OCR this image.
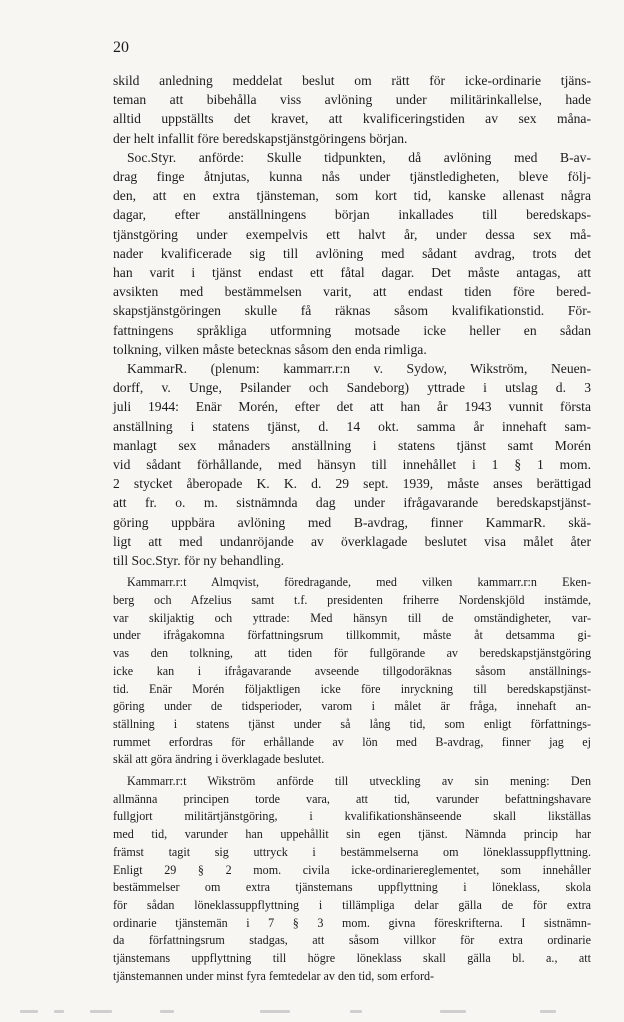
20

skild anledning meddelat beslut om rätt för icke-ordinarie tjäns-
teman att bibehålla viss avlöning under militärinkallelse, hade
alltid uppställts det kravet, att kvalificeringstiden av sex måna-
der helt infallit före beredskapstjänstgöringens början.

Soc.Styr. anförde: Skulle tidpunkten, då avlöning med B-av-
drag finge åtnjutas, kunna nås under tjänstledigheten, bleve följ-
den, att en extra tjänsteman, som kort tid, kanske allenast några
dagar, efter anställningens början inkallades till beredskaps-
tjänstgöring under exempelvis ett halvt år, under dessa sex må-
nader kvalificerade sig till avlöning med sådant avdrag, trots det
han varit i tjänst endast ett fåtal dagar. Det måste antagas, att
avsikten med bestämmelsen varit, att endast tiden före bered-
skapstjänstgöringen skulle få räknas såsom kvalifikationstid. För-
fattningens språkliga utformning motsade icke heller en sådan
tolkning, vilken måste betecknas såsom den enda rimliga.

KammarR. (plenum: kammarr.r:n v. Sydow, Wikström, Neuen-
dorff, v. Unge, Psilander och Sandeborg) yttrade i utslag d. 3
juli 1944: Enär Morén, efter det att han år 1943 vunnit första
anställning i statens tjänst, d. 14 okt. samma år innehaft sam-
manlagt sex månaders anställning i statens tjänst samt Morén
vid sådant förhållande, med hänsyn till innehållet i 1 § 1 mom.
2 stycket åberopade K. K. d. 29 sept. 1939, måste anses berättigad
att fr. o. m. sistnämnda dag under ifrågavarande beredskapstjänst-
göring uppbära avlöning med B-avdrag, finner KammarR. skä-
ligt att med undanröjande av överklagade beslutet visa målet åter
till Soc.Styr. för ny behandling.

Kammarr.r:t Almqvist, föredragande, med vilken kammarr.r:n Eken-
berg och Afzelius samt t.f. presidenten friherre Nordenskjöld instämde,
var skiljaktig och yttrade: Med hänsyn till de omständigheter, var-
under ifrågakomna författningsrum tillkommit, måste åt detsamma gi-
vas den tolkning, att tiden för fullgörande av beredskapstjänstgöring
icke kan i ifrågavarande avseende tillgodoräknas såsom anställnings-
tid. Enär Morén följaktligen icke före inryckning till beredskapstjänst-
göring under de tidsperioder, varom i målet är fråga, innehaft an-
ställning i statens tjänst under så lång tid, som enligt författnings-
rummet erfordras för erhållande av lön med B-avdrag, finner jag ej
skäl att göra ändring i överklagade beslutet.

Kammarr.r:t Wikström anförde till utveckling av sin mening: Den
allmänna principen torde vara, att tid, varunder befattningshavare
fullgjort militärtjänstgöring, i kvalifikationshänseende skall likställas
med tid, varunder han uppehållit sin egen tjänst. Nämnda princip har
främst tagit sig uttryck i bestämmelserna om löneklassuppflyttning.
Enligt 29 § 2 mom. civila icke-ordinariereglementet, som innehåller
bestämmelser om extra tjänstemans uppflyttning i löneklass, skola
för sådan löneklassuppflyttning i tillämpliga delar gälla de för extra
ordinarie tjänstemän i 7 § 3 mom. givna föreskrifterna. I sistnämn-
da författningsrum stadgas, att såsom villkor för extra ordinarie
tjänstemans uppflyttning till högre löneklass skall gälla bl. a., att
tjänstemannen under minst fyra femtedelar av den tid, som erford-
